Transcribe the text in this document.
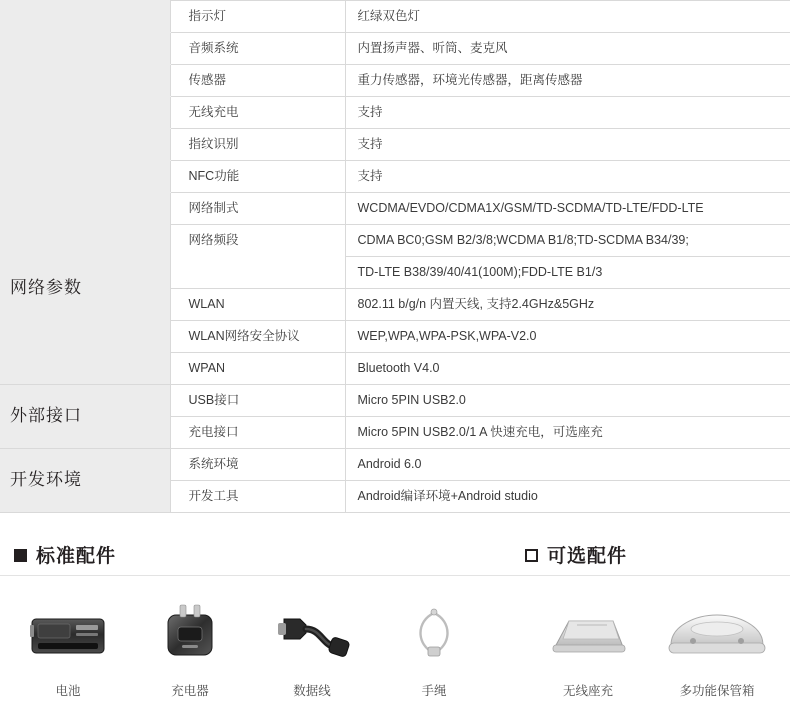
	指示灯	红绿双色灯
	音频系统	内置扬声器、听筒、麦克风
	传感器	重力传感器，环境光传感器，距离传感器
	无线充电	支持
	指纹识别	支持
	NFC功能	支持
网络参数	网络制式	WCDMA/EVDO/CDMA1X/GSM/TD-SCDMA/TD-LTE/FDD-LTE
	网络频段	CDMA BC0;GSM B2/3/8;WCDMA B1/8;TD-SCDMA B34/39;
		TD-LTE B38/39/40/41(100M);FDD-LTE B1/3
	WLAN	802.11 b/g/n 内置天线, 支持2.4GHz&5GHz
	WLAN网络安全协议	WEP,WPA,WPA-PSK,WPA-V2.0
	WPAN	Bluetooth V4.0
外部接口	USB接口	Micro 5PIN USB2.0
	充电接口	Micro 5PIN USB2.0/1 A 快速充电，可选座充
开发环境	系统环境	Android 6.0
	开发工具	Android编译环境+Android studio
标准配件	可选配件
电池	充电器	数据线	手绳	无线座充	多功能保管箱
